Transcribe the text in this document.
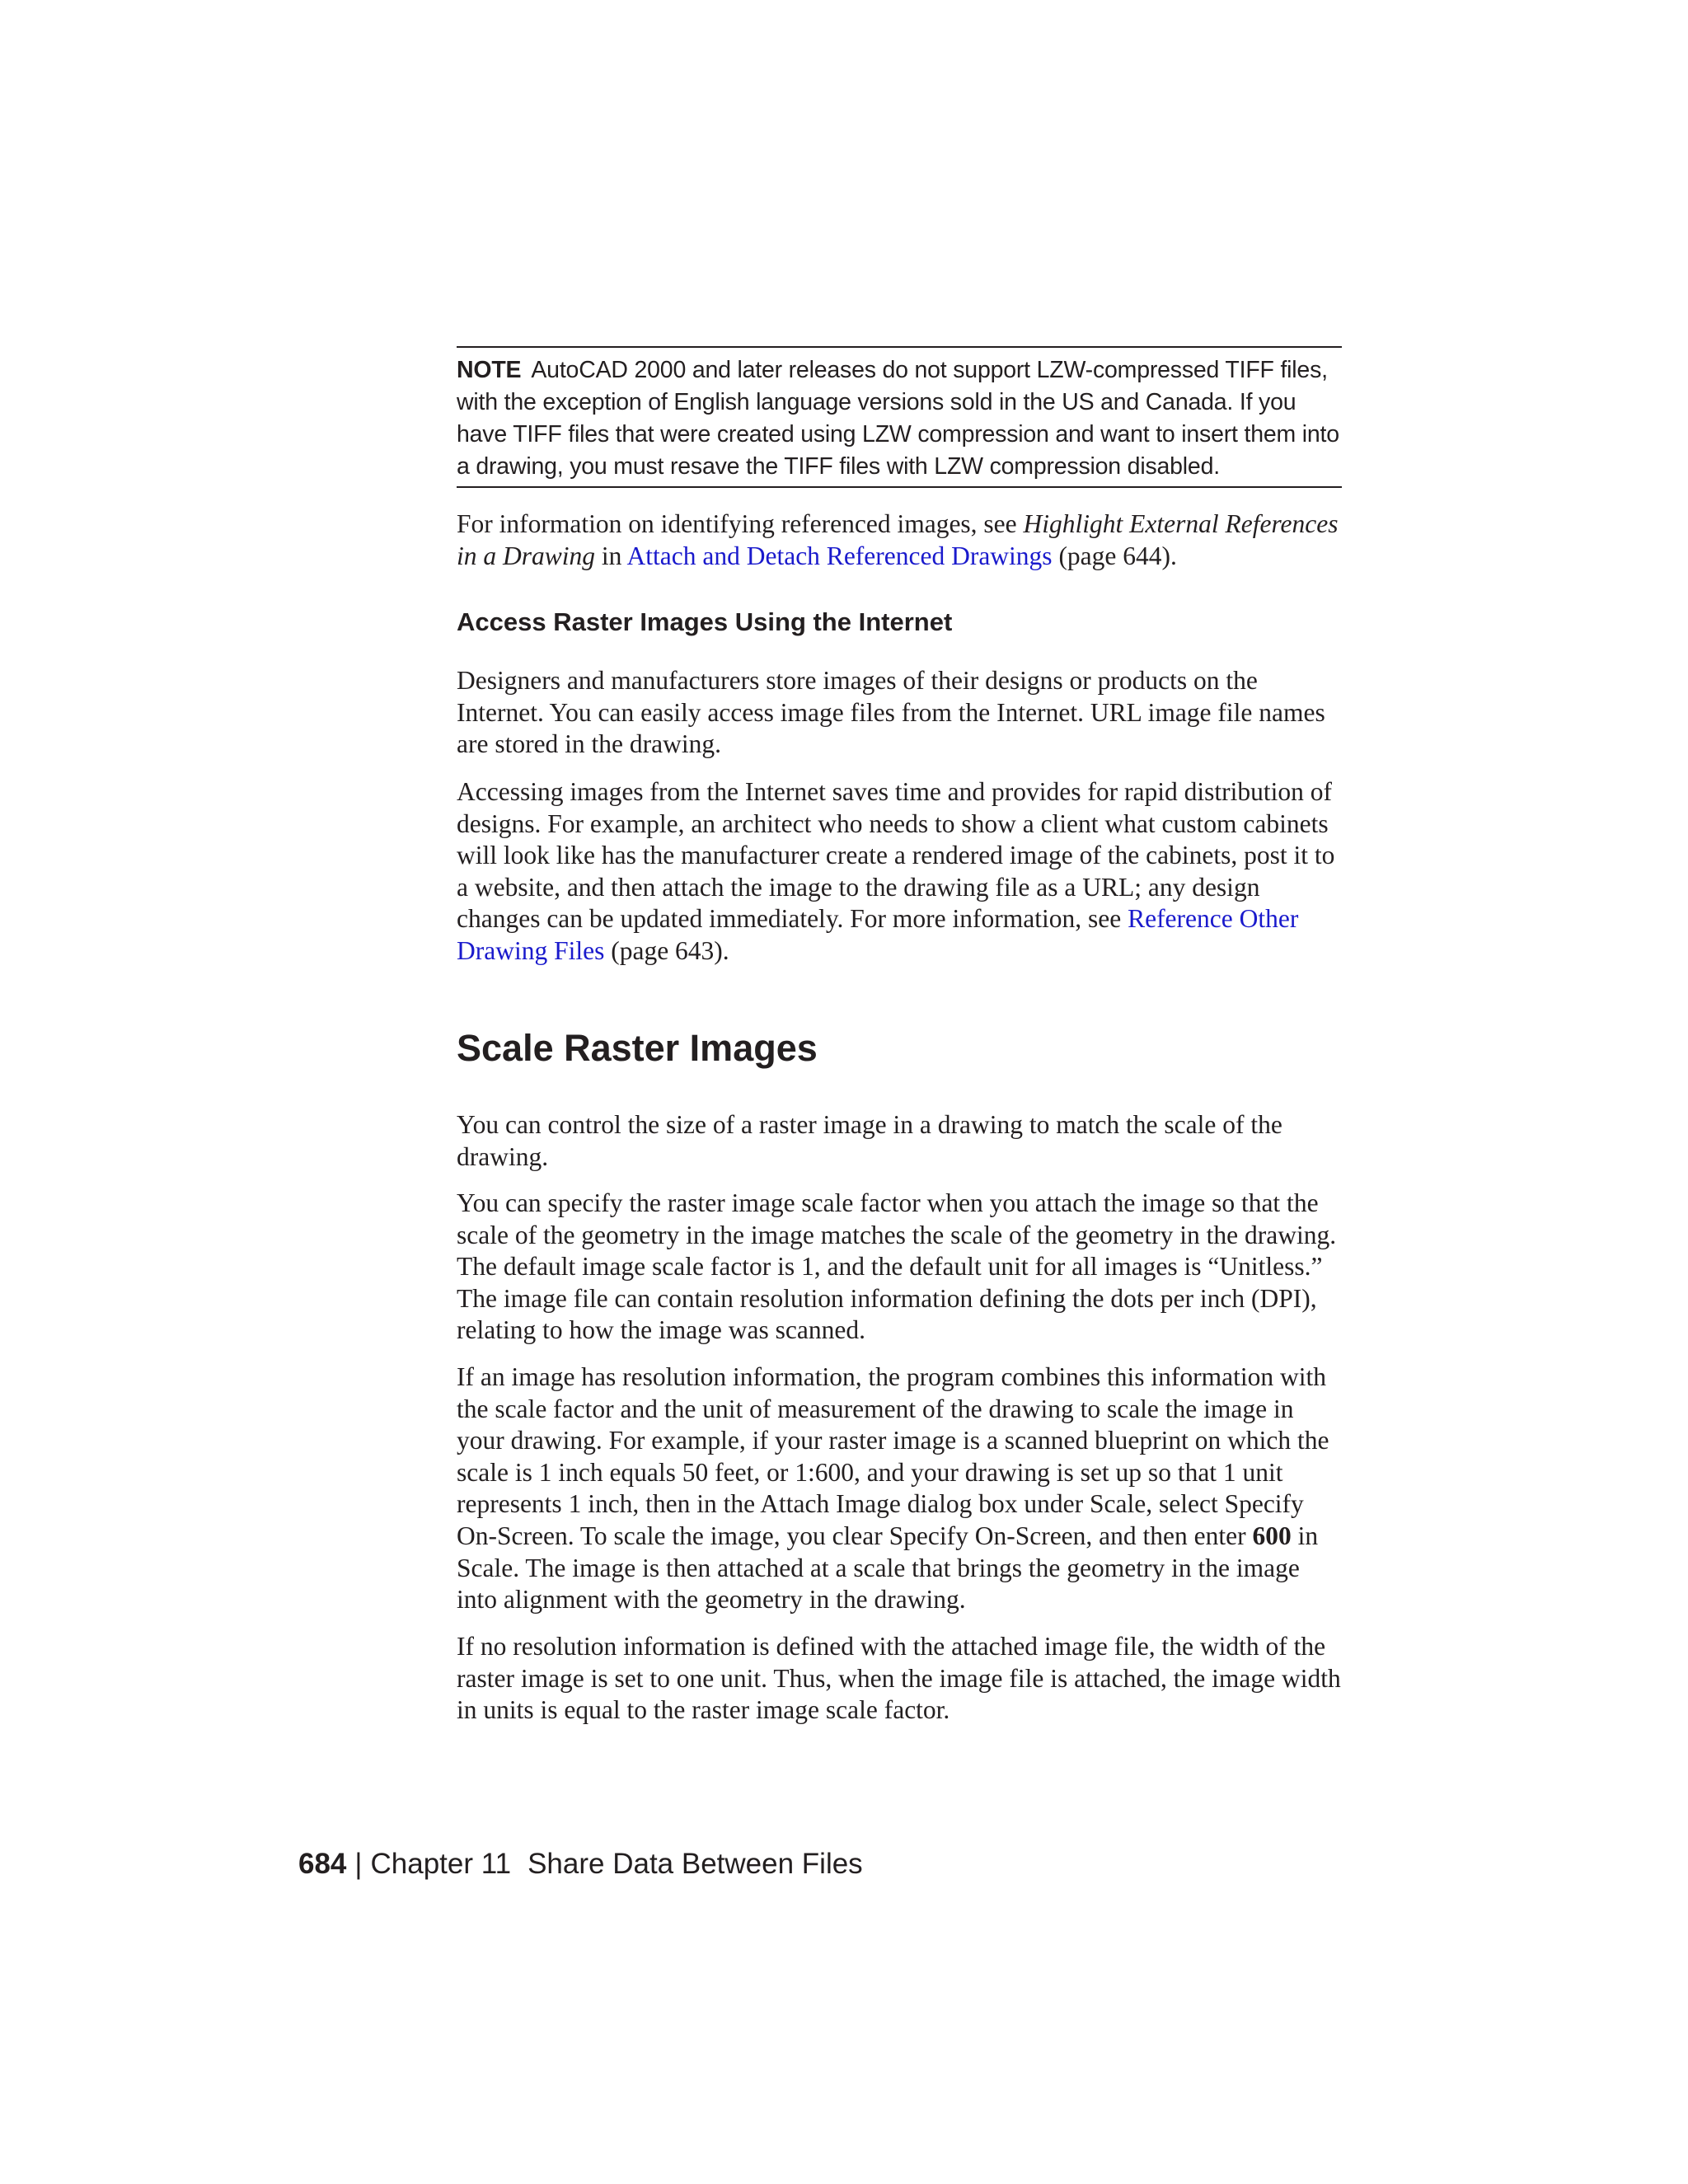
NOTE AutoCAD 2000 and later releases do not support LZW-compressed TIFF files, with the exception of English language versions sold in the US and Canada. If you have TIFF files that were created using LZW compression and want to insert them into a drawing, you must resave the TIFF files with LZW compression disabled.

For information on identifying referenced images, see Highlight External References in a Drawing in Attach and Detach Referenced Drawings (page 644).

Access Raster Images Using the Internet

Designers and manufacturers store images of their designs or products on the Internet. You can easily access image files from the Internet. URL image file names are stored in the drawing.

Accessing images from the Internet saves time and provides for rapid distribution of designs. For example, an architect who needs to show a client what custom cabinets will look like has the manufacturer create a rendered image of the cabinets, post it to a website, and then attach the image to the drawing file as a URL; any design changes can be updated immediately. For more information, see Reference Other Drawing Files (page 643).

Scale Raster Images

You can control the size of a raster image in a drawing to match the scale of the drawing.

You can specify the raster image scale factor when you attach the image so that the scale of the geometry in the image matches the scale of the geometry in the drawing. The default image scale factor is 1, and the default unit for all images is “Unitless.” The image file can contain resolution information defining the dots per inch (DPI), relating to how the image was scanned.

If an image has resolution information, the program combines this information with the scale factor and the unit of measurement of the drawing to scale the image in your drawing. For example, if your raster image is a scanned blueprint on which the scale is 1 inch equals 50 feet, or 1:600, and your drawing is set up so that 1 unit represents 1 inch, then in the Attach Image dialog box under Scale, select Specify On-Screen. To scale the image, you clear Specify On-Screen, and then enter 600 in Scale. The image is then attached at a scale that brings the geometry in the image into alignment with the geometry in the drawing.

If no resolution information is defined with the attached image file, the width of the raster image is set to one unit. Thus, when the image file is attached, the image width in units is equal to the raster image scale factor.

684 | Chapter 11 Share Data Between Files
